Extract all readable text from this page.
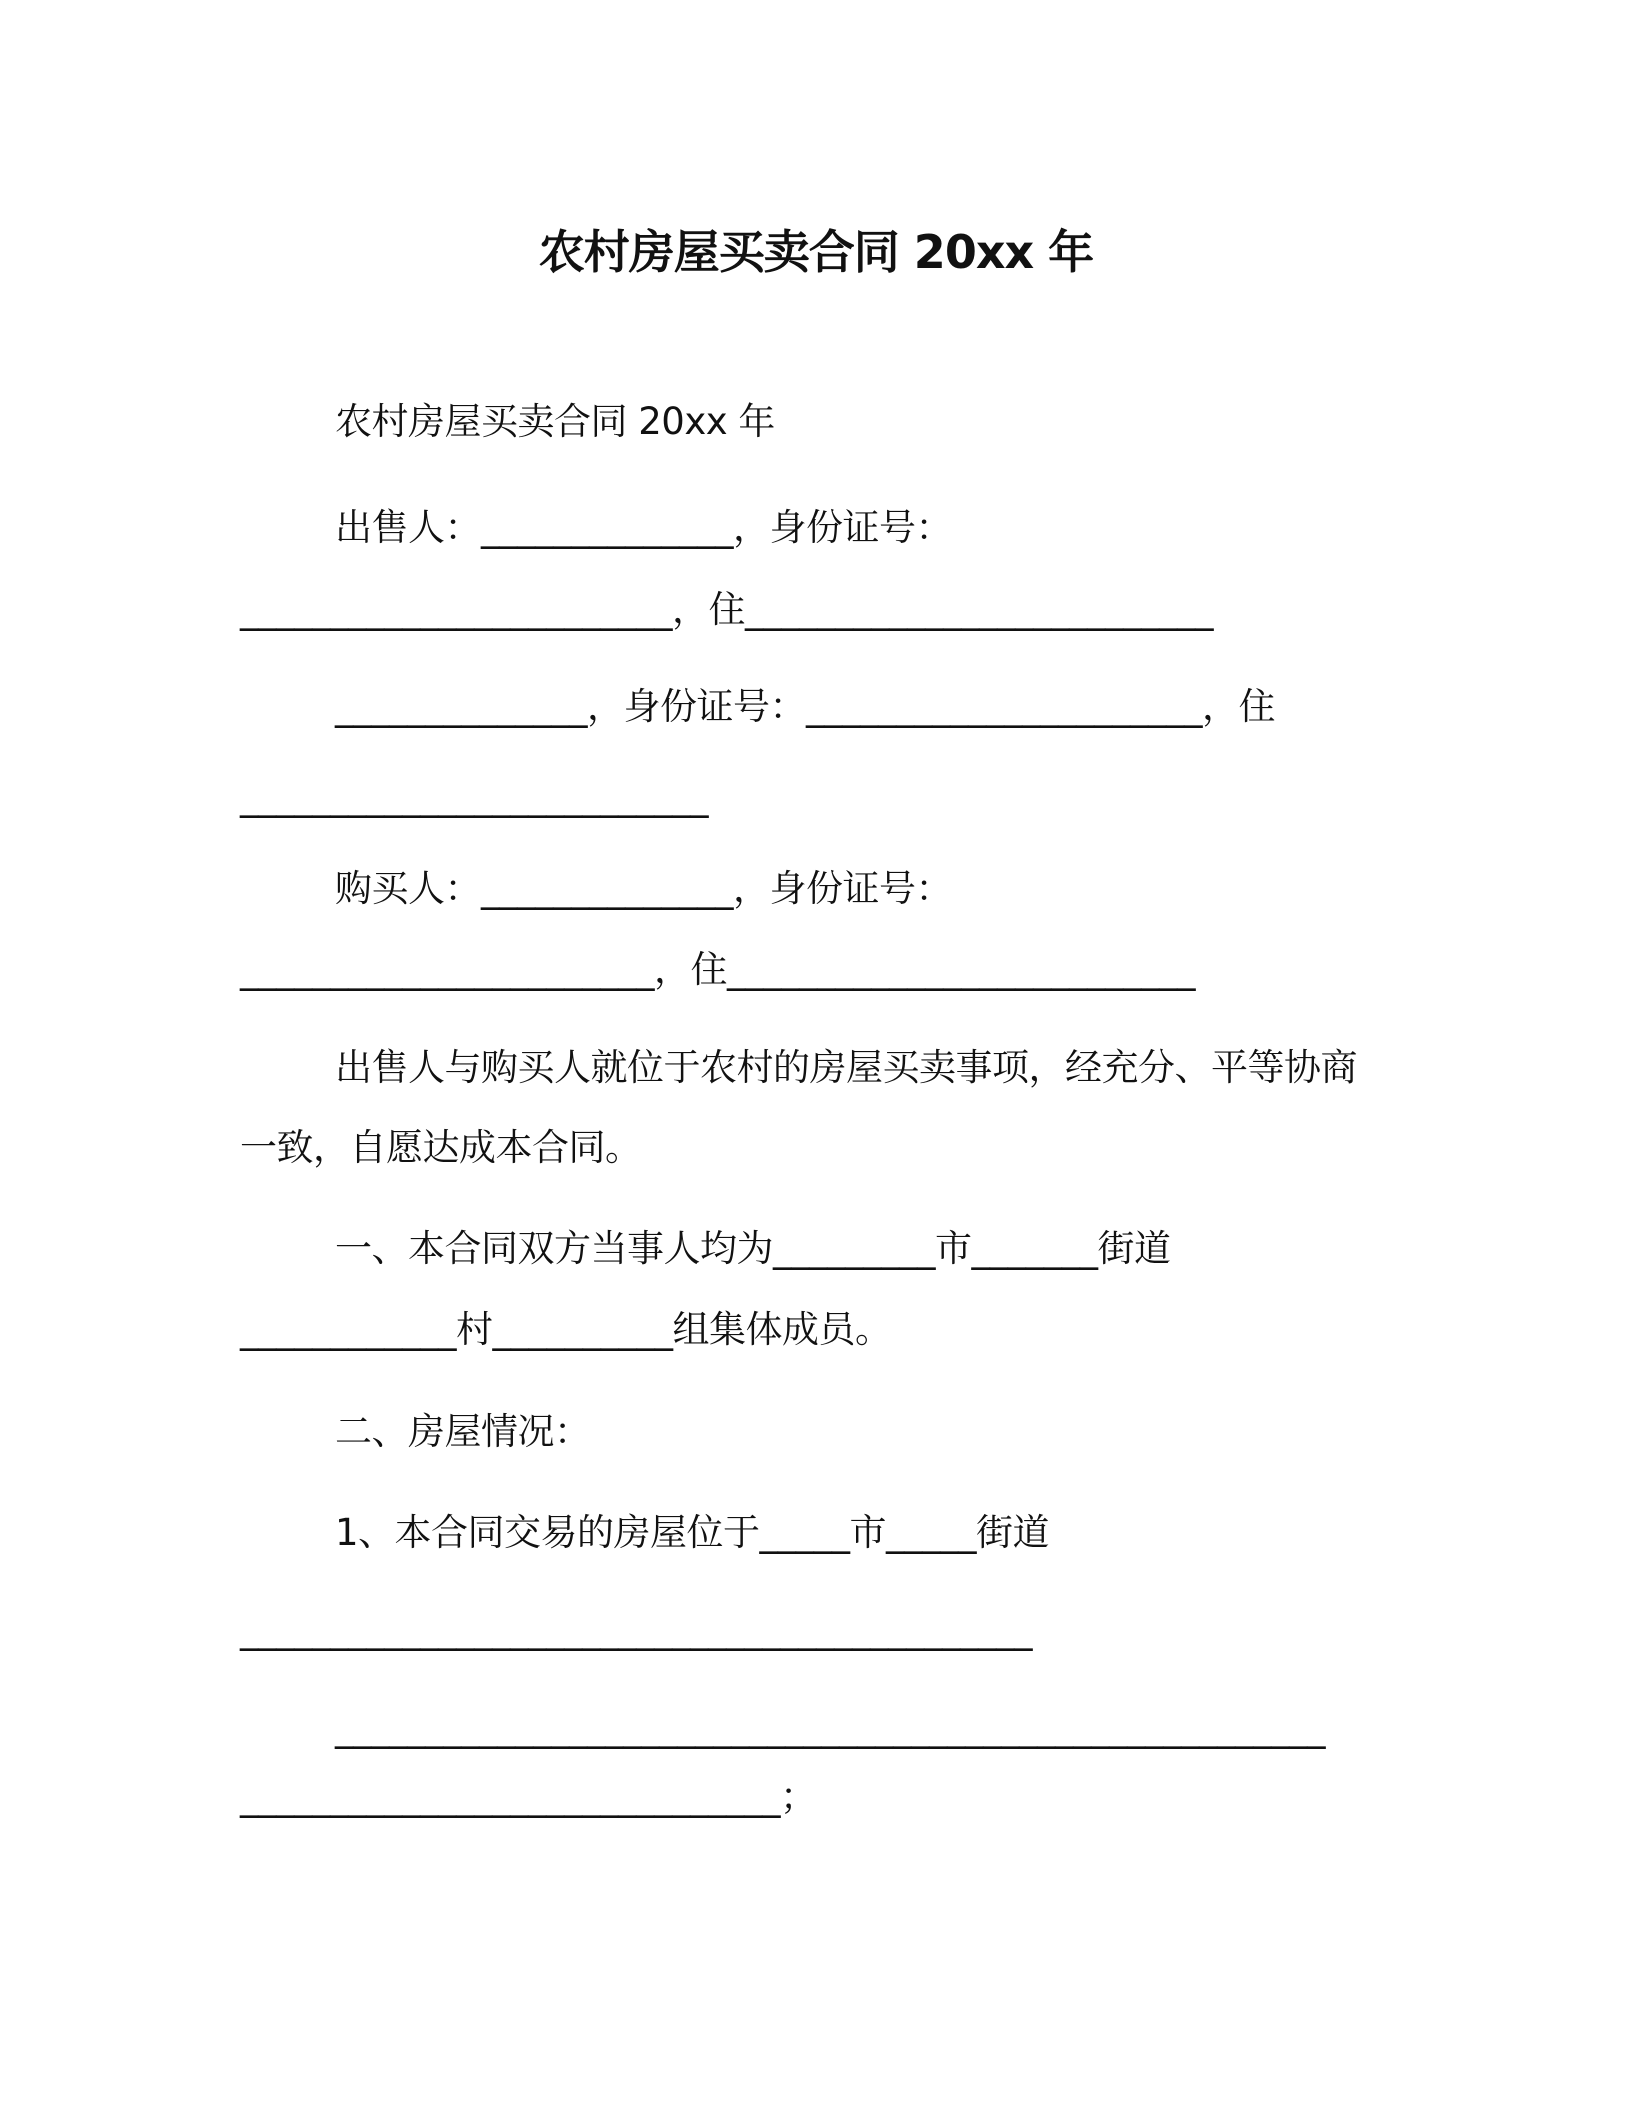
农村房屋买卖合同 20xx 年
农村房屋买卖合同 20xx 年
出售人：______________，身份证号：
________________________，住__________________________
______________，身份证号：______________________，住
__________________________
购买人：______________，身份证号：
_______________________，住__________________________
出售人与购买人就位于农村的房屋买卖事项，经充分、平等协商
一致，自愿达成本合同。
一、本合同双方当事人均为_________市_______街道
____________村__________组集体成员。
二、房屋情况：
1、本合同交易的房屋位于_____市_____街道
____________________________________________
_______________________________________________________
______________________________；
